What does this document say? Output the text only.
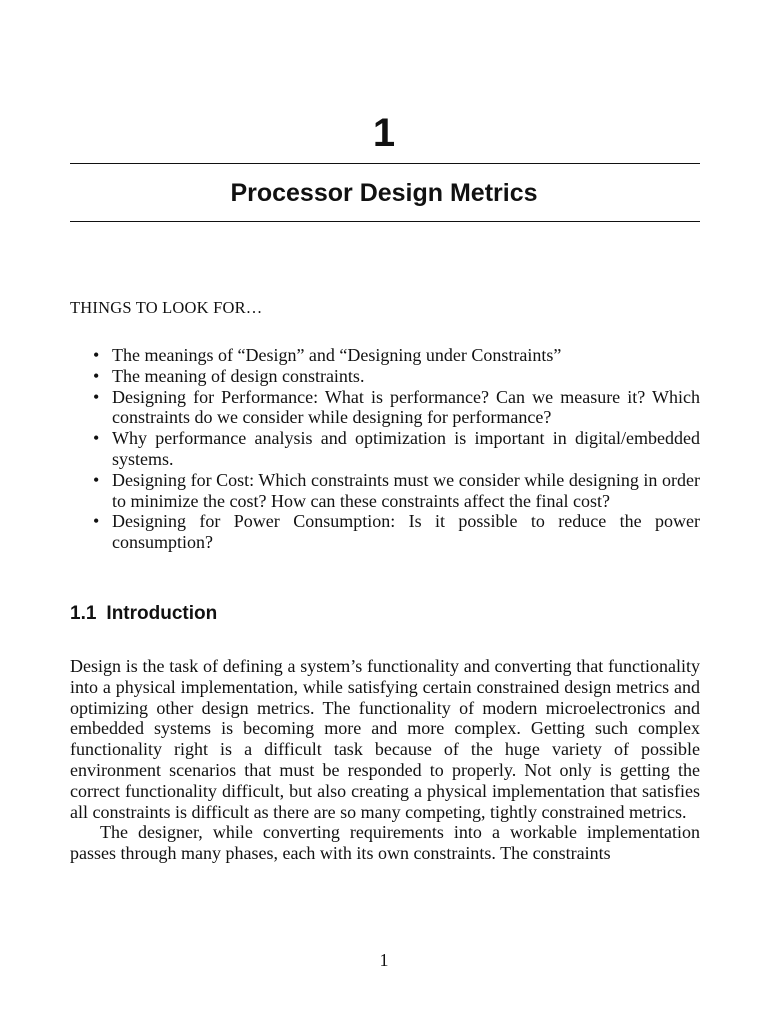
1
Processor Design Metrics
THINGS TO LOOK FOR…
• The meanings of “Design” and “Designing under Constraints”
• The meaning of design constraints.
• Designing for Performance: What is performance? Can we measure it? Which constraints do we consider while designing for performance?
• Why performance analysis and optimization is important in digital/embedded systems.
• Designing for Cost: Which constraints must we consider while designing in order to minimize the cost? How can these constraints affect the final cost?
• Designing for Power Consumption: Is it possible to reduce the power consumption?
1.1 Introduction

Design is the task of defining a system’s functionality and converting that functionality into a physical implementation, while satisfying certain constrained design metrics and optimizing other design metrics. The functionality of modern microelectronics and embedded systems is becoming more and more complex. Getting such complex functionality right is a difficult task because of the huge variety of possible environment scenarios that must be responded to properly. Not only is getting the correct functionality difficult, but also creating a physical implementation that satisfies all constraints is difficult as there are so many competing, tightly constrained metrics.

The designer, while converting requirements into a workable implementation passes through many phases, each with its own constraints. The constraints

1
